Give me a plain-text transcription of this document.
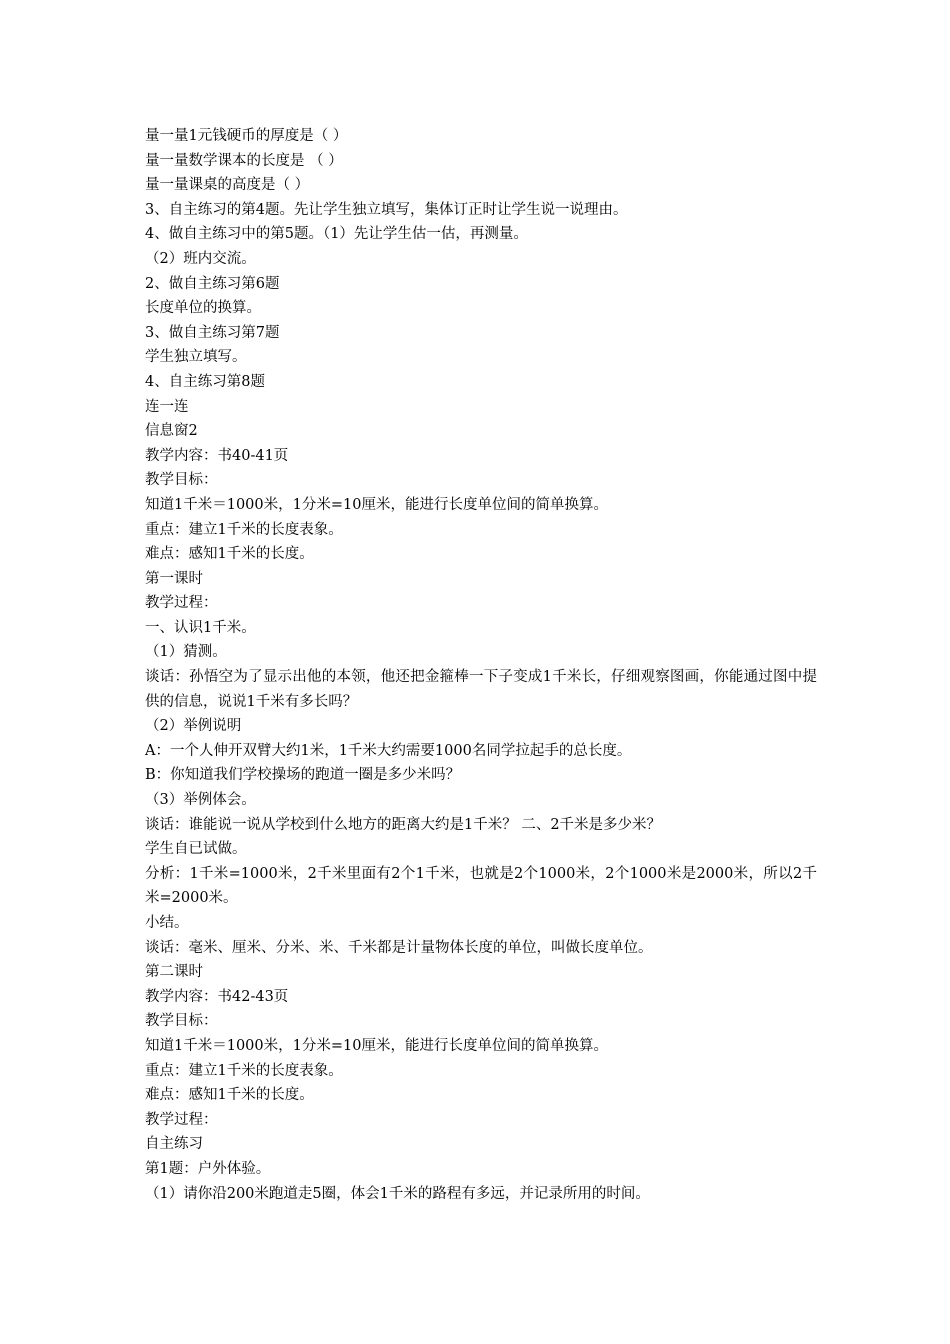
量一量1元钱硬币的厚度是（ ）
量一量数学课本的长度是 （ ）
量一量课桌的高度是（ ）
3、自主练习的第4题。先让学生独立填写，集体订正时让学生说一说理由。
4、做自主练习中的第5题。（1）先让学生估一估，再测量。
（2）班内交流。
2、做自主练习第6题
长度单位的换算。
3、做自主练习第7题
学生独立填写。
4、自主练习第8题
连一连
信息窗2
教学内容：书40-41页
教学目标：
知道1千米＝1000米，1分米=10厘米，能进行长度单位间的简单换算。
重点：建立1千米的长度表象。
难点：感知1千米的长度。
第一课时
教学过程：
一、认识1千米。
（1）猜测。
谈话：孙悟空为了显示出他的本领，他还把金箍棒一下子变成1千米长，仔细观察图画，你能通过图中提供的信息，说说1千米有多长吗？
（2）举例说明
A：一个人伸开双臂大约1米，1千米大约需要1000名同学拉起手的总长度。
B：你知道我们学校操场的跑道一圈是多少米吗？
（3）举例体会。
谈话：谁能说一说从学校到什么地方的距离大约是1千米？ 二、2千米是多少米？
学生自已试做。
分析：1千米=1000米，2千米里面有2个1千米，也就是2个1000米，2个1000米是2000米，所以2千米=2000米。
小结。
谈话：毫米、厘米、分米、米、千米都是计量物体长度的单位，叫做长度单位。
第二课时
教学内容：书42-43页
教学目标：
知道1千米＝1000米，1分米=10厘米，能进行长度单位间的简单换算。
重点：建立1千米的长度表象。
难点：感知1千米的长度。
教学过程：
自主练习
第1题：户外体验。
（1）请你沿200米跑道走5圈，体会1千米的路程有多远，并记录所用的时间。
